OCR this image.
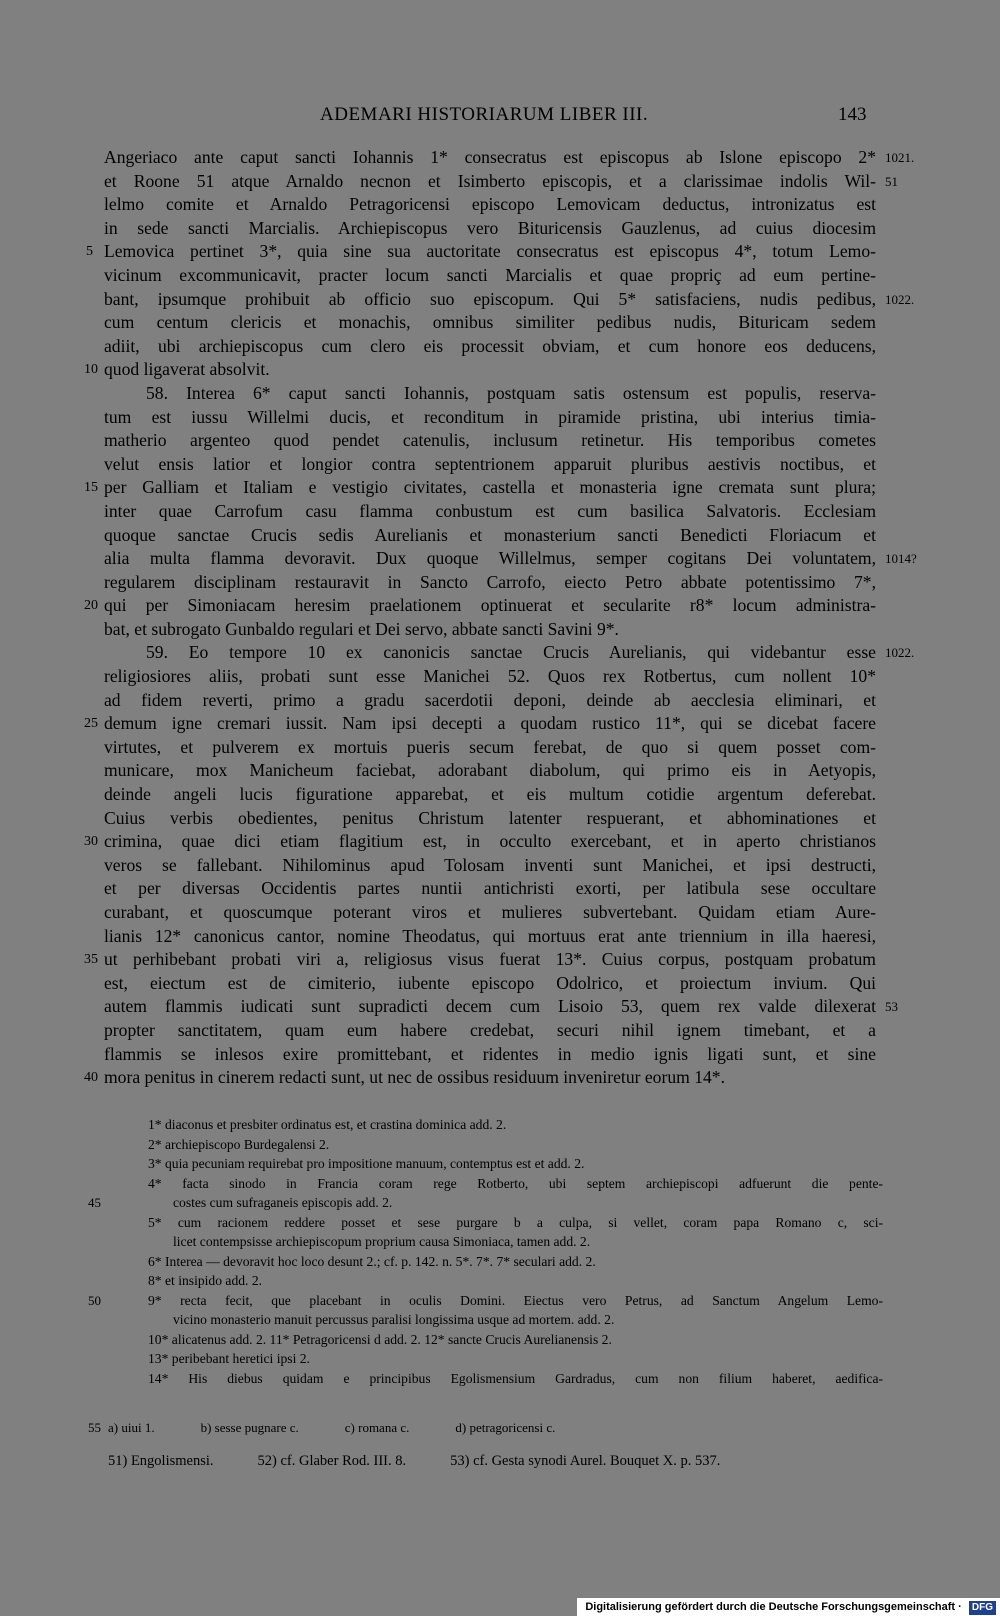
ADEMARI HISTORIARUM LIBER III.	143
Angeriaco ante caput sancti Iohannis 1* consecratus est episcopus ab Islone episcopo 2* 1021.
et Roone 51 atque Arnaldo necnon et Isimberto episcopis, et a clarissimae indolis Wil- 51
lelmo comite et Arnaldo Petragoricensi episcopo Lemovicam deductus, intronizatus est
in sede sancti Marcialis. Archiepiscopus vero Bituricensis Gauzlenus, ad cuius diocesim
Lemovica pertinet 3*, quia sine sua auctoritate consecratus est episcopus 4*, totum Lemo-
5
vicinum excommunicavit, practer locum sancti Marcialis et quae propriç ad eum pertine-
bant, ipsumque prohibuit ab officio suo episcopum. Qui 5* satisfaciens, nudis pedibus, 1022.
cum centum clericis et monachis, omnibus similiter pedibus nudis, Bituricam sedem
adiit, ubi archiepiscopus cum clero eis processit obviam, et cum honore eos deducens,
quod ligaverat absolvit.
10
58. Interea 6* caput sancti Iohannis, postquam satis ostensum est populis, reserva-
tum est iussu Willelmi ducis, et reconditum in piramide pristina, ubi interius timia-
matherio argenteo quod pendet catenulis, inclusum retinetur. His temporibus cometes
velut ensis latior et longior contra septentrionem apparuit pluribus aestivis noctibus, et
per Galliam et Italiam e vestigio civitates, castella et monasteria igne cremata sunt plura;
15
inter quae Carrofum casu flamma conbustum est cum basilica Salvatoris. Ecclesiam
quoque sanctae Crucis sedis Aurelianis et monasterium sancti Benedicti Floriacum et
alia multa flamma devoravit. Dux quoque Willelmus, semper cogitans Dei voluntatem, 1014?
regularem disciplinam restauravit in Sancto Carrofo, eiecto Petro abbate potentissimo 7*,
qui per Simoniacam heresim praelationem optinuerat et secularite r8* locum administra-
20
bat, et subrogato Gunbaldo regulari et Dei servo, abbate sancti Savini 9*.
59. Eo tempore 10 ex canonicis sanctae Crucis Aurelianis, qui videbantur esse 1022.
religiosiores aliis, probati sunt esse Manichei 52. Quos rex Rotbertus, cum nollent 10*
ad fidem reverti, primo a gradu sacerdotii deponi, deinde ab aecclesia eliminari, et
demum igne cremari iussit. Nam ipsi decepti a quodam rustico 11*, qui se dicebat facere
25
virtutes, et pulverem ex mortuis pueris secum ferebat, de quo si quem posset com-
municare, mox Manicheum faciebat, adorabant diabolum, qui primo eis in Aetyopis,
deinde angeli lucis figuratione apparebat, et eis multum cotidie argentum deferebat.
Cuius verbis obedientes, penitus Christum latenter respuerant, et abhominationes et
crimina, quae dici etiam flagitium est, in occulto exercebant, et in aperto christianos
30
veros se fallebant. Nihilominus apud Tolosam inventi sunt Manichei, et ipsi destructi,
et per diversas Occidentis partes nuntii antichristi exorti, per latibula sese occultare
curabant, et quoscumque poterant viros et mulieres subvertebant. Quidam etiam Aure-
lianis 12* canonicus cantor, nomine Theodatus, qui mortuus erat ante triennium in illa haeresi,
ut perhibebant probati viri a, religiosus visus fuerat 13*. Cuius corpus, postquam probatum
35
est, eiectum est de cimiterio, iubente episcopo Odolrico, et proiectum invium. Qui
autem flammis iudicati sunt supradicti decem cum Lisoio 53, quem rex valde dilexerat 53
propter sanctitatem, quam eum habere credebat, securi nihil ignem timebant, et a
flammis se inlesos exire promittebant, et ridentes in medio ignis ligati sunt, et sine
mora penitus in cinerem redacti sunt, ut nec de ossibus residuum inveniretur eorum 14*.
40
1* diaconus et presbiter ordinatus est, et crastina dominica add. 2.
2* archiepiscopo Burdegalensi 2.
3* quia pecuniam requirebat pro impositione manuum, contemptus est et add. 2.
4* facta sinodo in Francia coram rege Rotberto, ubi septem archiepiscopi adfuerunt die pente-
costes cum sufraganeis episcopis add. 2.
45
5* cum racionem reddere posset et sese purgare b a culpa, si vellet, coram papa Romano c, sci-
licet contempsisse archiepiscopum proprium causa Simoniaca, tamen add. 2.
6* Interea — devoravit hoc loco desunt 2.; cf. p. 142. n. 5*. 7*. 7* seculari add. 2.
8* et insipido add. 2.
9* recta fecit, que placebant in oculis Domini. Eiectus vero Petrus, ad Sanctum Angelum Lemo-
50
vicino monasterio manuit percussus paralisi longissima usque ad mortem. add. 2.
10* alicatenus add. 2. 11* Petragoricensi d add. 2. 12* sancte Crucis Aurelianensis 2.
13* peribebant heretici ipsi 2.
14* His diebus quidam e principibus Egolismensium Gardradus, cum non filium haberet, aedifica-
55 a) uiui 1.	b) sesse pugnare c.	c) romana c.	d) petragoricensi c.
51) Engolismensi.	52) cf. Glaber Rod. III. 8.	53) cf. Gesta synodi Aurel. Bouquet X. p. 537.
Digitalisierung gefördert durch die Deutsche Forschungsgemeinschaft · DFG
